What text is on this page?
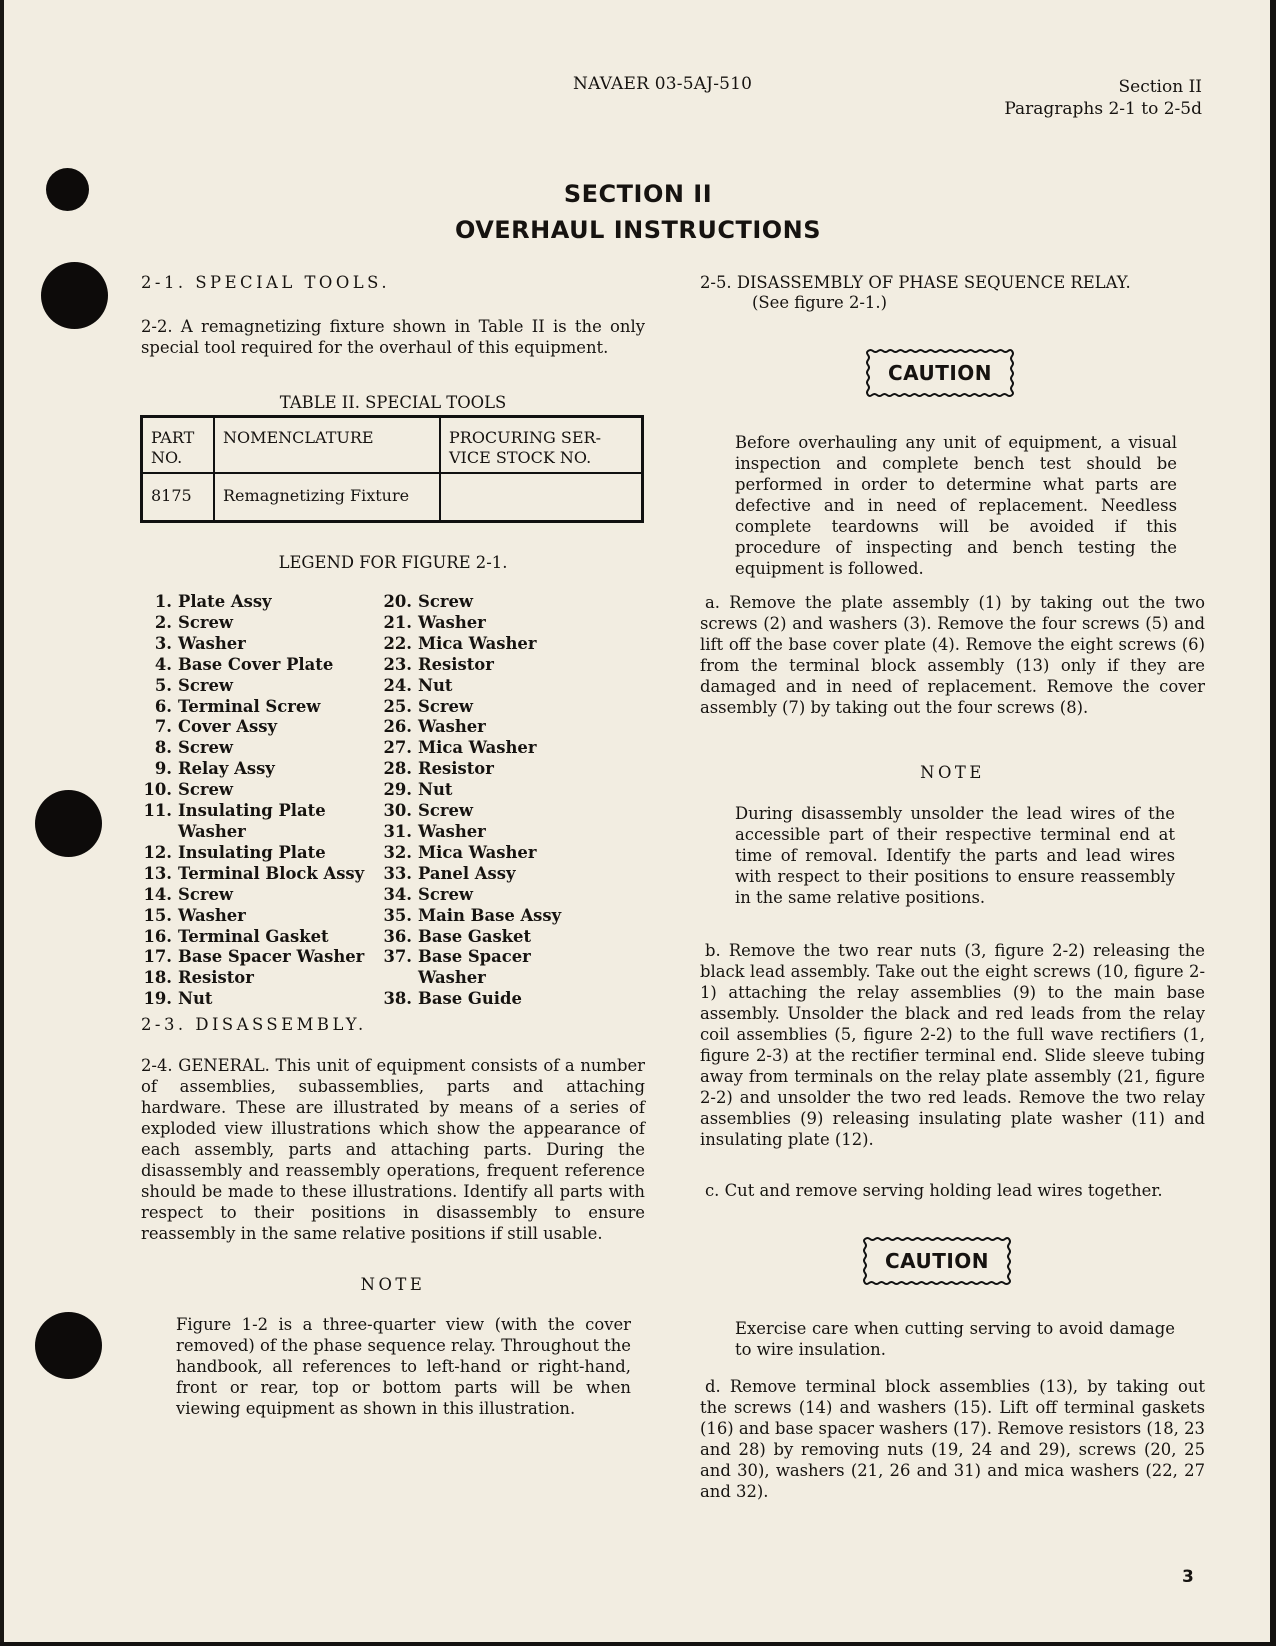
NAVAER 03-5AJ-510	Section II
Paragraphs 2-1 to 2-5d
SECTION II
OVERHAUL INSTRUCTIONS
2-1. SPECIAL TOOLS.

2-2. A remagnetizing fixture shown in Table II is the only special tool required for the overhaul of this equipment.

TABLE II. SPECIAL TOOLS
PART NO.	NOMENCLATURE	PROCURING SER-VICE STOCK NO.
8175	Remagnetizing Fixture	
LEGEND FOR FIGURE 2-1.
1. Plate Assy
2. Screw
3. Washer
4. Base Cover Plate
5. Screw
6. Terminal Screw
7. Cover Assy
8. Screw
9. Relay Assy
10. Screw
11. Insulating Plate
Washer
12. Insulating Plate
13. Terminal Block Assy
14. Screw
15. Washer
16. Terminal Gasket
17. Base Spacer Washer
18. Resistor
19. Nut
20. Screw
21. Washer
22. Mica Washer
23. Resistor
24. Nut
25. Screw
26. Washer
27. Mica Washer
28. Resistor
29. Nut
30. Screw
31. Washer
32. Mica Washer
33. Panel Assy
34. Screw
35. Main Base Assy
36. Base Gasket
37. Base Spacer
Washer
38. Base Guide
2-3. DISASSEMBLY.

2-4. GENERAL. This unit of equipment consists of a number of assemblies, subassemblies, parts and attaching hardware. These are illustrated by means of a series of exploded view illustrations which show the appearance of each assembly, parts and attaching parts. During the disassembly and reassembly operations, frequent reference should be made to these illustrations. Identify all parts with respect to their positions in disassembly to ensure reassembly in the same relative positions if still usable.

NOTE

Figure 1-2 is a three-quarter view (with the cover removed) of the phase sequence relay. Throughout the handbook, all references to left-hand or right-hand, front or rear, top or bottom parts will be when viewing equipment as shown in this illustration.

2-5. DISASSEMBLY OF PHASE SEQUENCE RELAY.
(See figure 2-1.)
CAUTION

Before overhauling any unit of equipment, a visual inspection and complete bench test should be performed in order to determine what parts are defective and in need of replacement. Needless complete teardowns will be avoided if this procedure of inspecting and bench testing the equipment is followed.

a. Remove the plate assembly (1) by taking out the two screws (2) and washers (3). Remove the four screws (5) and lift off the base cover plate (4). Remove the eight screws (6) from the terminal block assembly (13) only if they are damaged and in need of replacement. Remove the cover assembly (7) by taking out the four screws (8).

NOTE

During disassembly unsolder the lead wires of the accessible part of their respective terminal end at time of removal. Identify the parts and lead wires with respect to their positions to ensure reassembly in the same relative positions.

b. Remove the two rear nuts (3, figure 2-2) releasing the black lead assembly. Take out the eight screws (10, figure 2-1) attaching the relay assemblies (9) to the main base assembly. Unsolder the black and red leads from the relay coil assemblies (5, figure 2-2) to the full wave rectifiers (1, figure 2-3) at the rectifier terminal end. Slide sleeve tubing away from terminals on the relay plate assembly (21, figure 2-2) and unsolder the two red leads. Remove the two relay assemblies (9) releasing insulating plate washer (11) and insulating plate (12).

c. Cut and remove serving holding lead wires together.

CAUTION

Exercise care when cutting serving to avoid damage to wire insulation.

d. Remove terminal block assemblies (13), by taking out the screws (14) and washers (15). Lift off terminal gaskets (16) and base spacer washers (17). Remove resistors (18, 23 and 28) by removing nuts (19, 24 and 29), screws (20, 25 and 30), washers (21, 26 and 31) and mica washers (22, 27 and 32).

3
